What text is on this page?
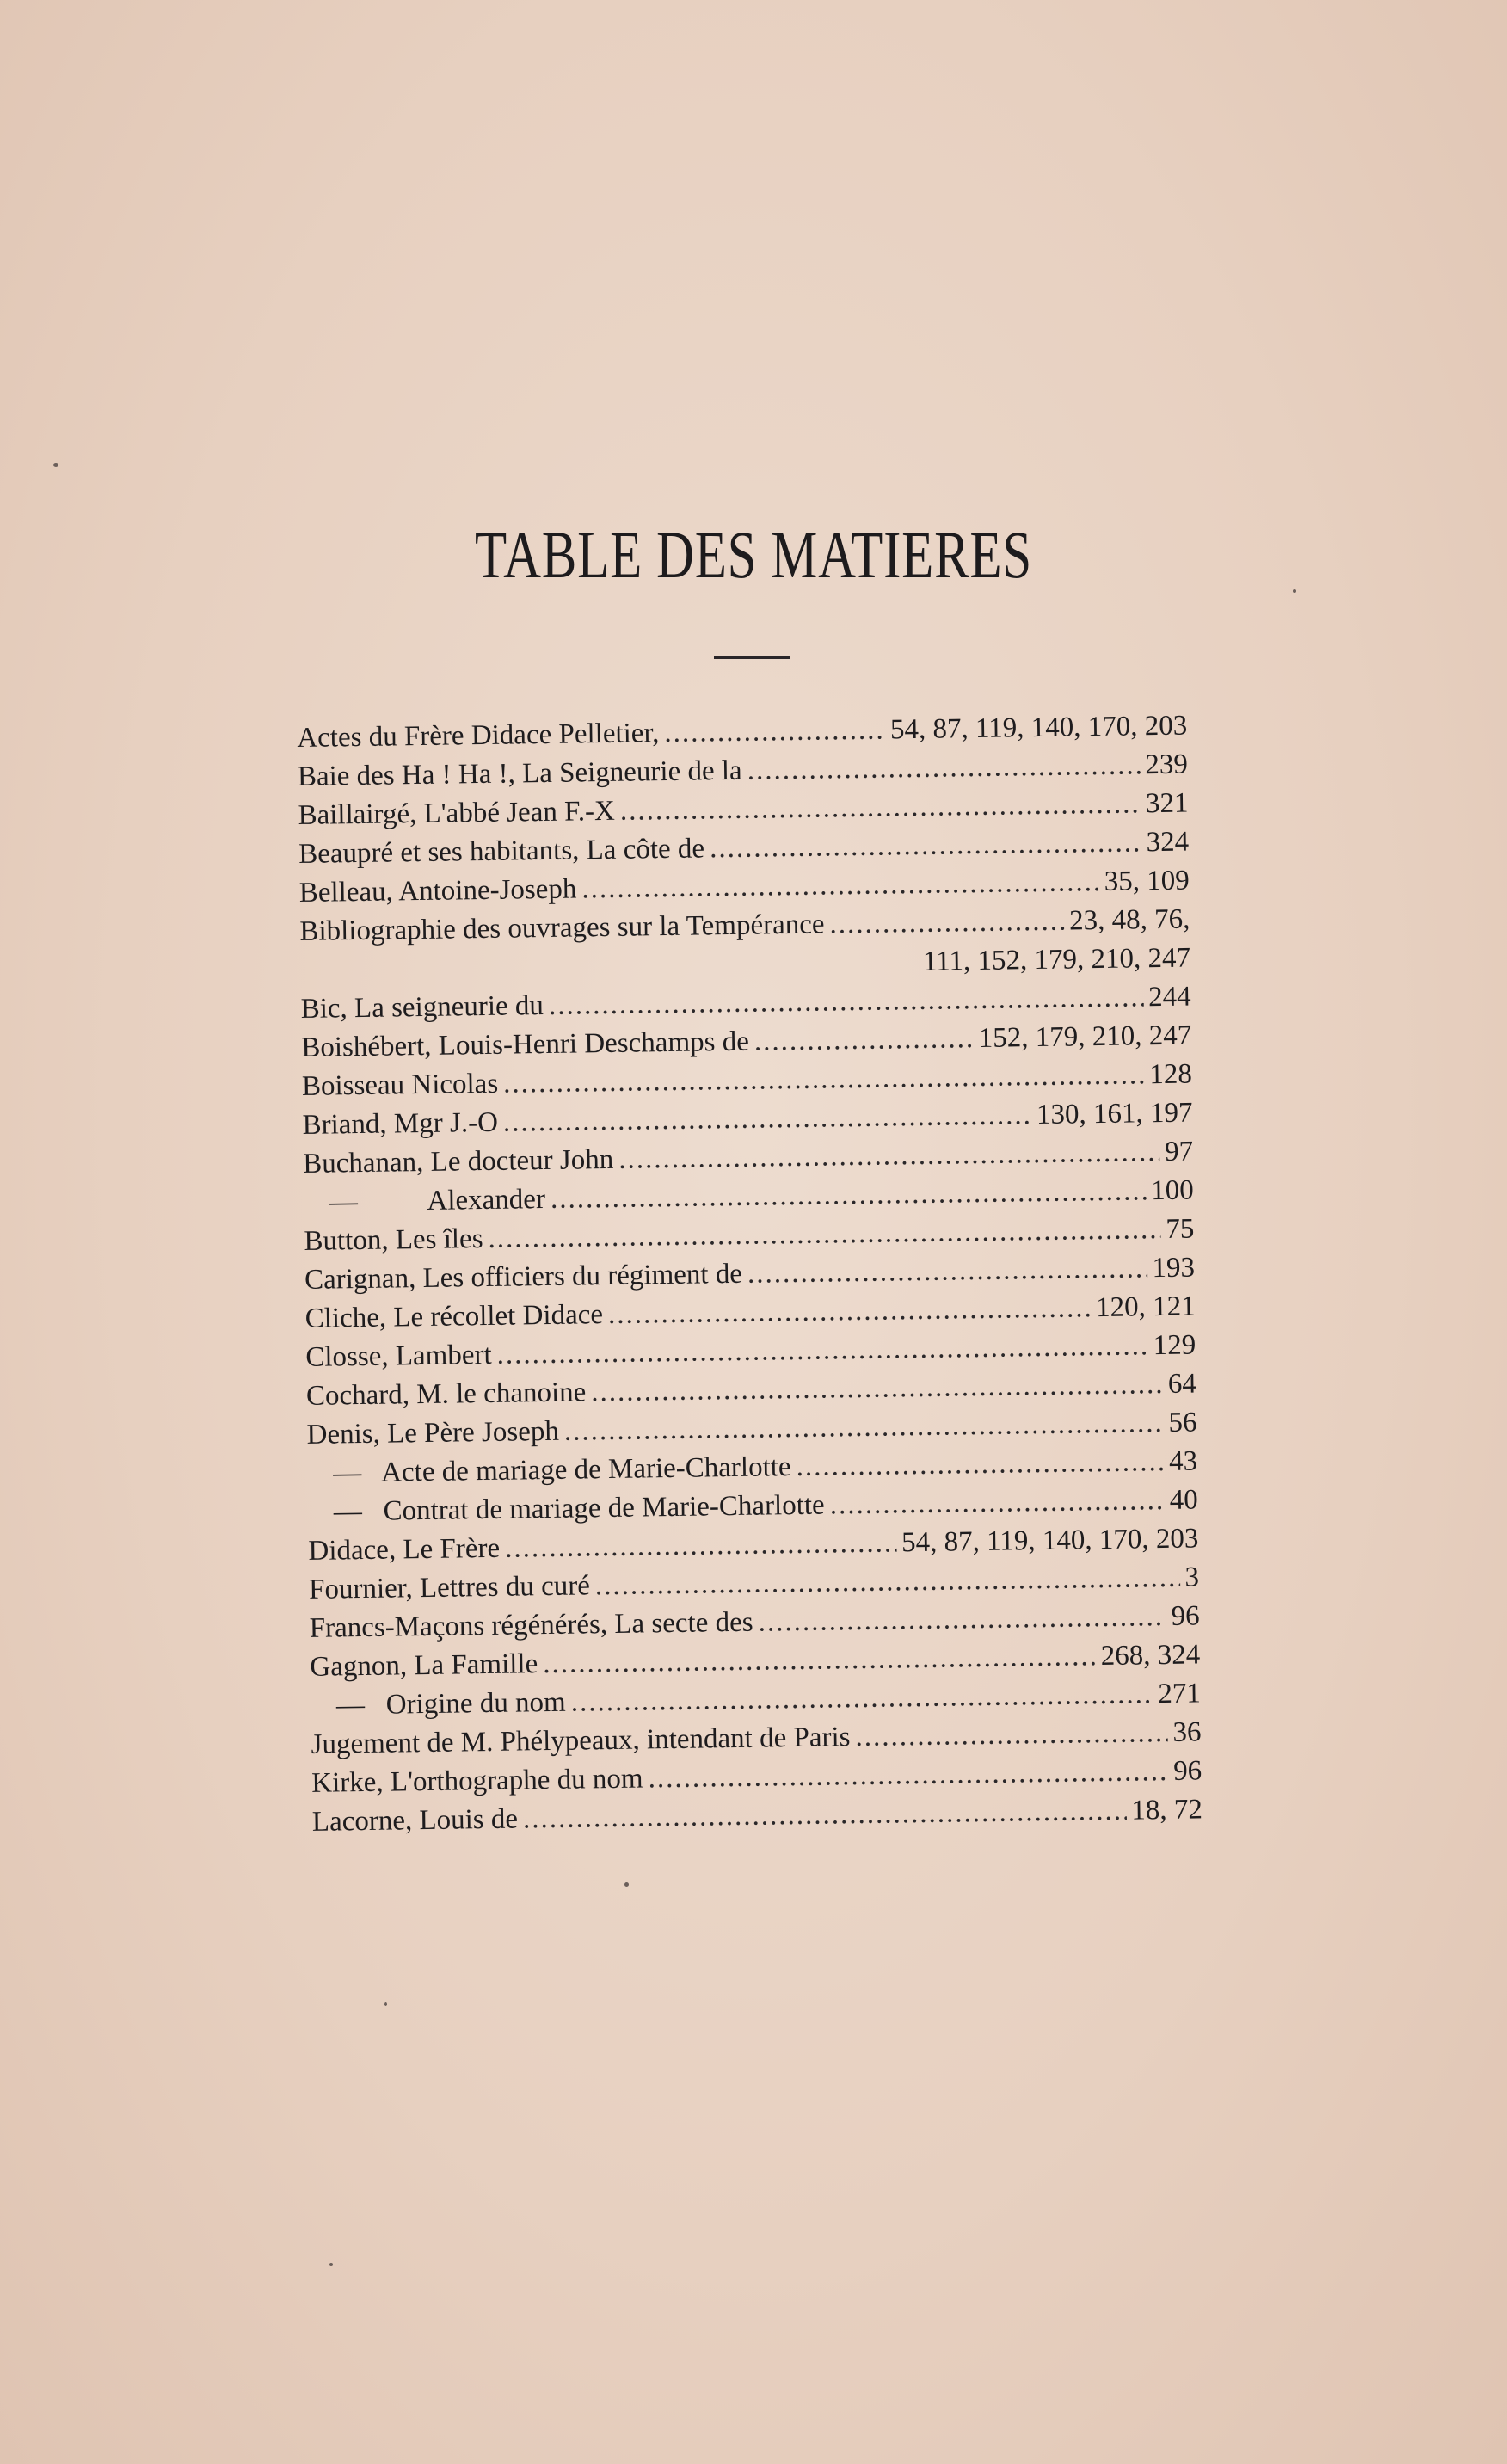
TABLE DES MATIERES
Actes du Frère Didace Pelletier, .....	54, 87, 119, 140, 170, 203
Baie des Ha ! Ha !, La Seigneurie de la .....	239
Baillairgé, L'abbé Jean F.-X .....	321
Beaupré et ses habitants, La côte de .....	324
Belleau, Antoine-Joseph .....	35, 109
Bibliographie des ouvrages sur la Tempérance .....	23, 48, 76,
111, 152, 179, 210, 247
Bic, La seigneurie du .....	244
Boishébert, Louis-Henri Deschamps de .....	152, 179, 210, 247
Boisseau Nicolas .....	128
Briand, Mgr J.-O .....	130, 161, 197
Buchanan, Le docteur John .....	97
—          Alexander .....	100
Button, Les îles .....	75
Carignan, Les officiers du régiment de .....	193
Cliche, Le récollet Didace .....	120, 121
Closse, Lambert .....	129
Cochard, M. le chanoine .....	64
Denis, Le Père Joseph .....	56
—   Acte de mariage de Marie-Charlotte .....	43
—   Contrat de mariage de Marie-Charlotte .....	40
Didace, Le Frère .....	54, 87, 119, 140, 170, 203
Fournier, Lettres du curé .....	3
Francs-Maçons régénérés, La secte des .....	96
Gagnon, La Famille .....	268, 324
—   Origine du nom .....	271
Jugement de M. Phélypeaux, intendant de Paris .....	36
Kirke, L'orthographe du nom .....	96
Lacorne, Louis de .....	18, 72
